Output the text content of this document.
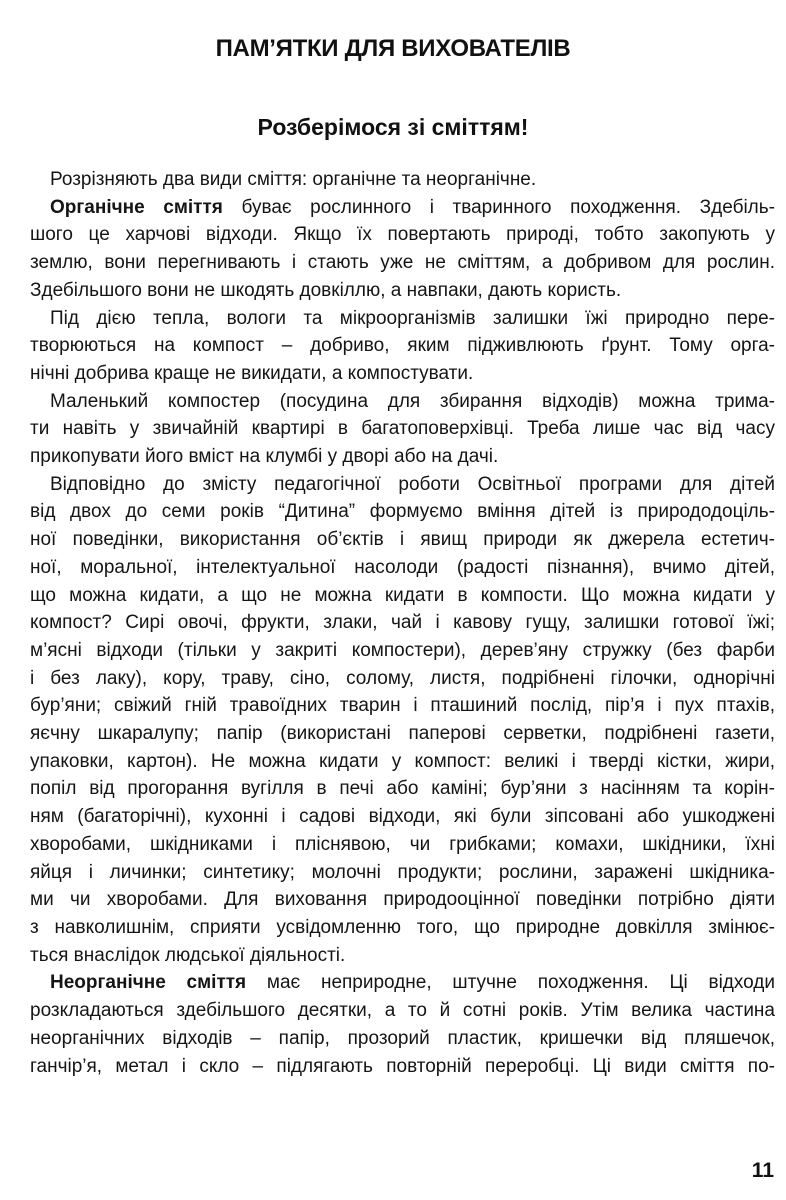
ПАМ’ЯТКИ ДЛЯ ВИХОВАТЕЛІВ
Розберімося зі сміттям!
Розрізняють два види сміття: органічне та неорганічне.
Органічне сміття буває рослинного і тваринного походження. Здебіль-
шого це харчові відходи. Якщо їх повертають природі, тобто закопують у
землю, вони перегнивають і стають уже не сміттям, а добривом для рослин.
Здебільшого вони не шкодять довкіллю, а навпаки, дають користь.
Під дією тепла, вологи та мікроорганізмів залишки їжі природно пере-
творюються на компост – добриво, яким підживлюють ґрунт. Тому орга-
нічні добрива краще не викидати, а компостувати.
Маленький компостер (посудина для збирання відходів) можна трима-
ти навіть у звичайній квартирі в багатоповерхівці. Треба лише час від часу
прикопувати його вміст на клумбі у дворі або на дачі.
Відповідно до змісту педагогічної роботи Освітньої програми для дітей
від двох до семи років “Дитина” формуємо вміння дітей із природодоціль-
ної поведінки, використання об’єктів і явищ природи як джерела естетич-
ної, моральної, інтелектуальної насолоди (радості пізнання), вчимо дітей,
що можна кидати, а що не можна кидати в компости. Що можна кидати у
компост? Сирі овочі, фрукти, злаки, чай і кавову гущу, залишки готової їжі;
м’ясні відходи (тільки у закриті компостери), дерев’яну стружку (без фарби
і без лаку), кору, траву, сіно, солому, листя, подрібнені гілочки, однорічні
бур’яни; свіжий гній травоїдних тварин і пташиний послід, пір’я і пух птахів,
яєчну шкаралупу; папір (використані паперові серветки, подрібнені газети,
упаковки, картон). Не можна кидати у компост: великі і тверді кістки, жири,
попіл від прогорання вугілля в печі або каміні; бур’яни з насінням та корін-
ням (багаторічні), кухонні і садові відходи, які були зіпсовані або ушкоджені
хворобами, шкідниками і пліснявою, чи грибками; комахи, шкідники, їхні
яйця і личинки; синтетику; молочні продукти; рослини, заражені шкідника-
ми чи хворобами. Для виховання природооцінної поведінки потрібно діяти
з навколишнім, сприяти усвідомленню того, що природне довкілля змінює-
ться внаслідок людської діяльності.
Неорганічне сміття має неприродне, штучне походження. Ці відходи
розкладаються здебільшого десятки, а то й сотні років. Утім велика частина
неорганічних відходів – папір, прозорий пластик, кришечки від пляшечок,
ганчір’я, метал і скло – підлягають повторній переробці. Ці види сміття по-
11
